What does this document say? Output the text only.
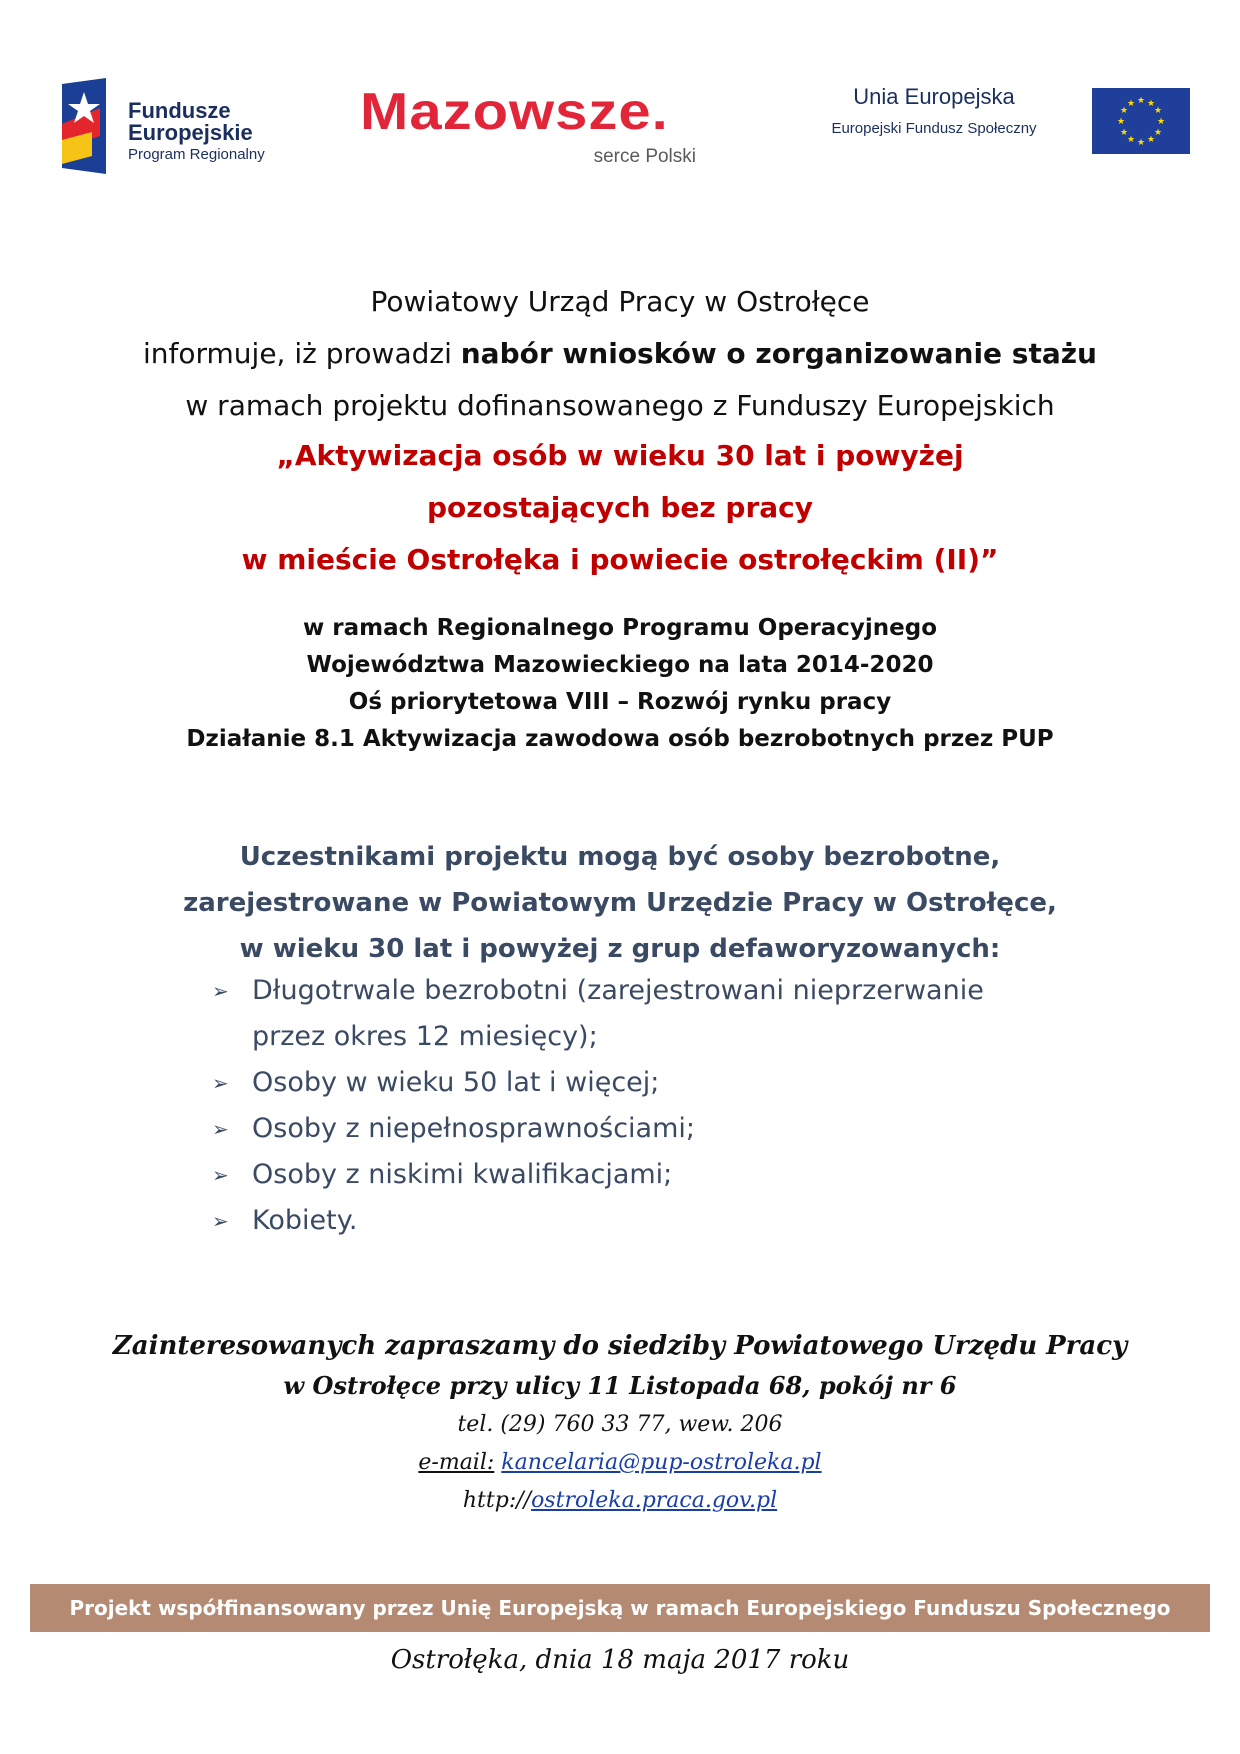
Fundusze
Europejskie
Program Regionalny
Mazowsze.
serce Polski
Unia Europejska
Europejski Fundusz Społeczny
★ ★
★
★
★
★
★
★
★
★
★
★
Powiatowy Urząd Pracy w Ostrołęce
informuje, iż prowadzi nabór wniosków o zorganizowanie stażu
w ramach projektu dofinansowanego z Funduszy Europejskich
„Aktywizacja osób w wieku 30 lat i powyżej
pozostających bez pracy
w mieście Ostrołęka i powiecie ostrołęckim (II)”
w ramach Regionalnego Programu Operacyjnego
Województwa Mazowieckiego na lata 2014-2020
Oś priorytetowa VIII – Rozwój rynku pracy
Działanie 8.1 Aktywizacja zawodowa osób bezrobotnych przez PUP
Uczestnikami projektu mogą być osoby bezrobotne,
zarejestrowane w Powiatowym Urzędzie Pracy w Ostrołęce,
w wieku 30 lat i powyżej z grup defaworyzowanych:
➢ Długotrwale bezrobotni (zarejestrowani nieprzerwanie
przez okres 12 miesięcy);
➢ Osoby w wieku 50 lat i więcej;
➢ Osoby z niepełnosprawnościami;
➢ Osoby z niskimi kwalifikacjami;
➢ Kobiety.
Zainteresowanych zapraszamy do siedziby Powiatowego Urzędu Pracy
w Ostrołęce przy ulicy 11 Listopada 68, pokój nr 6
tel. (29) 760 33 77, wew. 206
e-mail: kancelaria@pup-ostroleka.pl
http://ostroleka.praca.gov.pl
Projekt współfinansowany przez Unię Europejską w ramach Europejskiego Funduszu Społecznego
Ostrołęka, dnia 18 maja 2017 roku
